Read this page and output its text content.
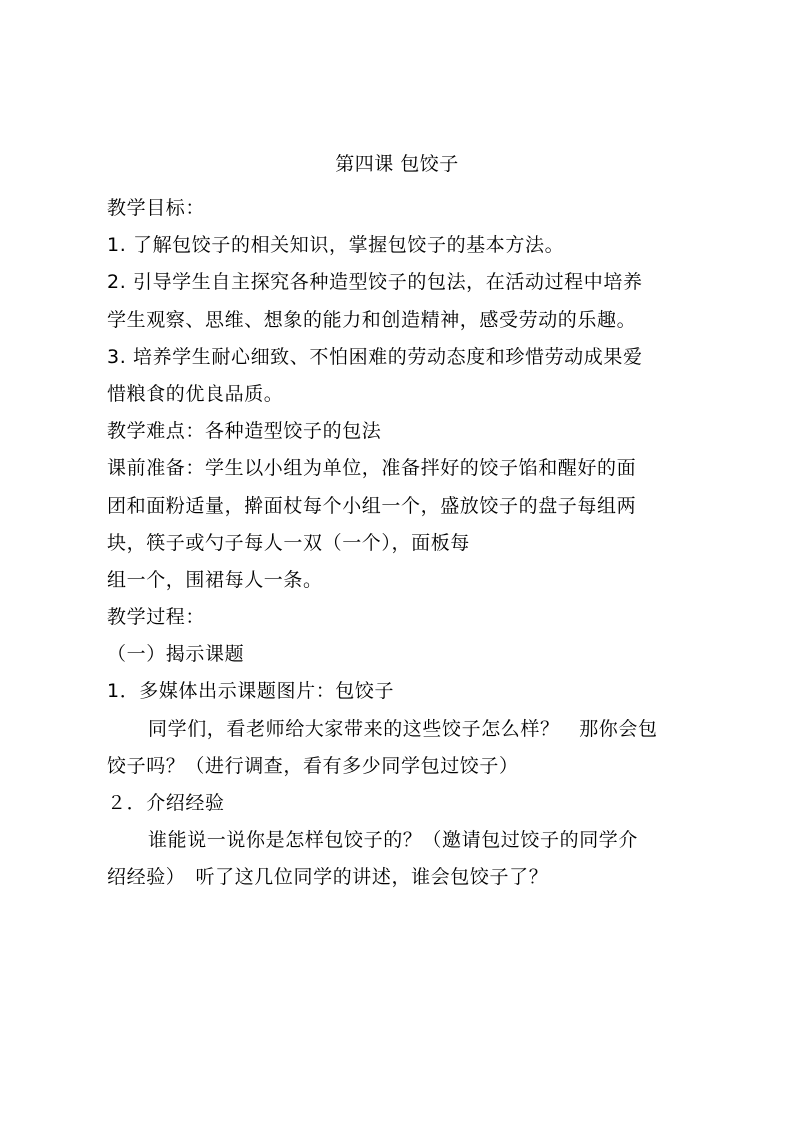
第四课 包饺子
教学目标：
1. 了解包饺子的相关知识，掌握包饺子的基本方法。
2. 引导学生自主探究各种造型饺子的包法，在活动过程中培养
学生观察、思维、想象的能力和创造精神，感受劳动的乐趣。
3. 培养学生耐心细致、不怕困难的劳动态度和珍惜劳动成果爱
惜粮食的优良品质。
教学难点：各种造型饺子的包法
课前准备：学生以小组为单位，准备拌好的饺子馅和醒好的面
团和面粉适量，擀面杖每个小组一个，盛放饺子的盘子每组两
块，筷子或勺子每人一双（一个），面板每
组一个，围裙每人一条。
教学过程：
（一）揭示课题
1．多媒体出示课题图片：包饺子
同学们，看老师给大家带来的这些饺子怎么样？　那你会包
饺子吗？（进行调查，看有多少同学包过饺子）
２．介绍经验
谁能说一说你是怎样包饺子的？（邀请包过饺子的同学介
绍经验）　听了这几位同学的讲述，谁会包饺子了？
